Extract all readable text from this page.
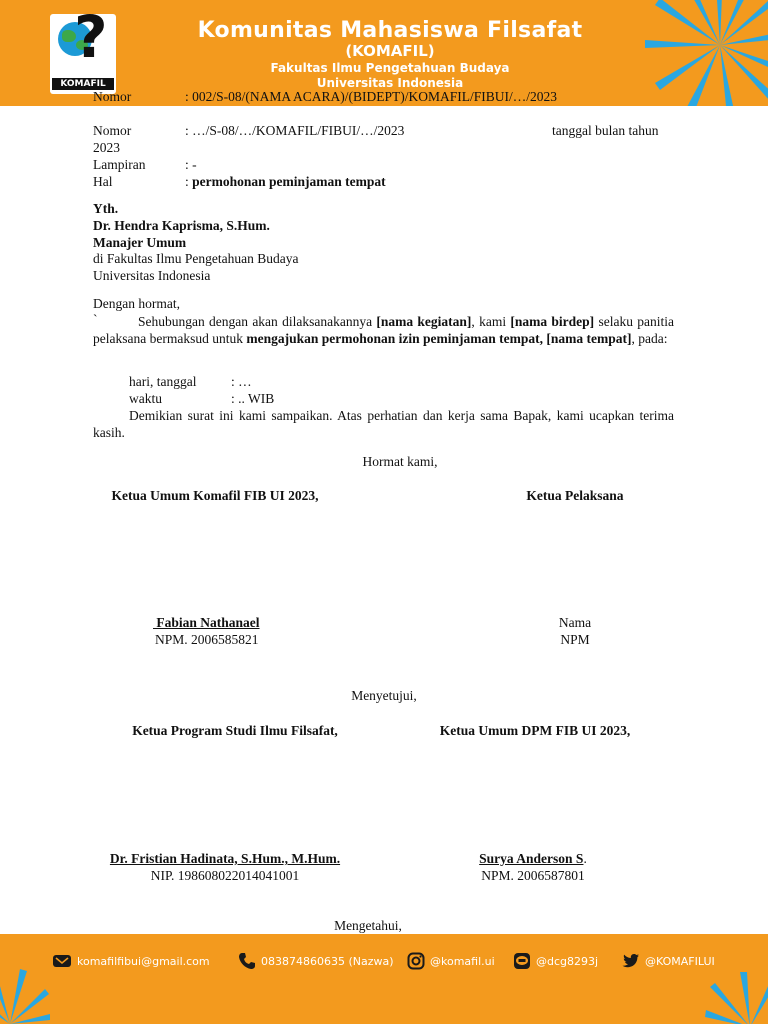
?
KOMAFIL
Komunitas Mahasiswa Filsafat
(KOMAFIL)
Fakultas Ilmu Pengetahuan Budaya
Universitas Indonesia
Nomor	: 002/S-08/(NAMA ACARA)/(BIDEPT)/KOMAFIL/FIBUI/…/2023
Nomor	: …/S-08/…/KOMAFIL/FIBUI/…/2023	tanggal bulan tahun
2023
Lampiran	: -
Hal	: permohonan peminjaman tempat
Yth.
Dr. Hendra Kaprisma, S.Hum.
Manajer Umum
di Fakultas Ilmu Pengetahuan Budaya
Universitas Indonesia
Dengan hormat,
`	Sehubungan dengan akan dilaksanakannya [nama kegiatan], kami [nama birdep] selaku panitia pelaksana bermaksud untuk mengajukan permohonan izin peminjaman tempat, [nama tempat], pada:
hari, tanggal	: …
waktu	: .. WIB
Demikian surat ini kami sampaikan. Atas perhatian dan kerja sama Bapak, kami ucapkan terima kasih.
Hormat kami,
Ketua Umum Komafil FIB UI 2023,	Ketua Pelaksana
Fabian Nathanael
NPM. 2006585821
Nama
NPM
Menyetujui,
Ketua Program Studi Ilmu Filsafat,	Ketua Umum DPM FIB UI 2023,
Dr. Fristian Hadinata, S.Hum., M.Hum.
NIP. 198608022014041001
Surya Anderson S.
NPM. 2006587801
Mengetahui,
komafilfibui@gmail.com	083874860635 (Nazwa)	@komafil.ui	@dcg8293j	@KOMAFILUI
